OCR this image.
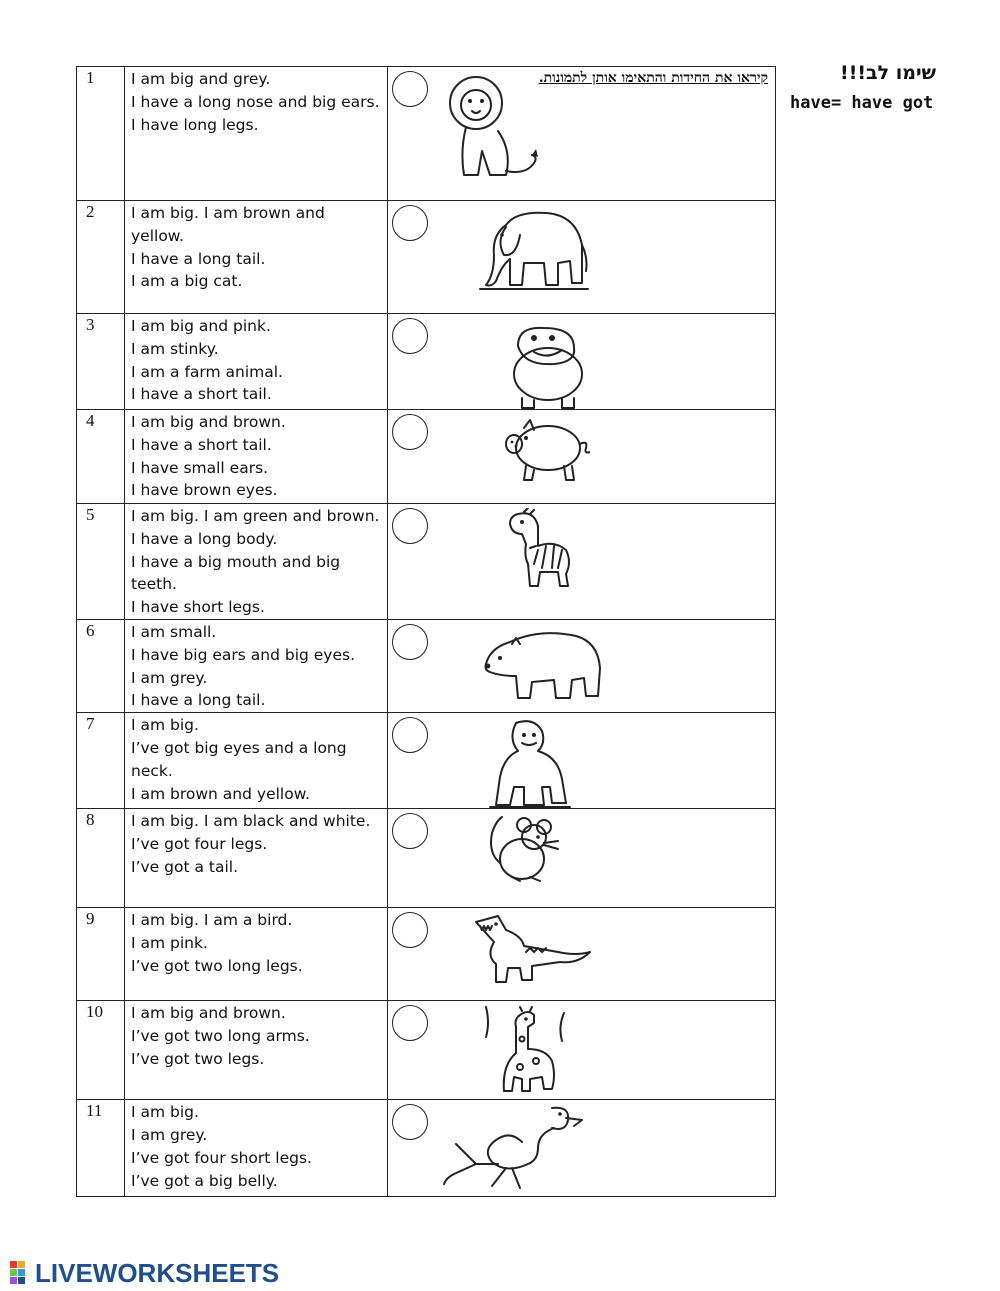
שימו לב!!!
have= have got
1	I am big and grey.
I have a long nose and big ears.
I have long legs.

2	I am big. I am brown and
yellow.
I have a long tail.
I am a big cat.

3	I am big and pink.
I am stinky.
I am a farm animal.
I have a short tail.

4	I am big and brown.
I have a short tail.
I have small ears.
I have brown eyes.

5	I am big. I am green and brown.
I have a long body.
I have a big mouth and big
teeth.
I have short legs.

6	I am small.
I have big ears and big eyes.
I am grey.
I have a long tail.

7	I am big.
I’ve got big eyes and a long
neck.
I am brown and yellow.

8	I am big. I am black and white.
I’ve got four legs.
I’ve got a tail.

9	I am big. I am a bird.
I am pink.
I’ve got two long legs.

10	I am big and brown.
I’ve got two long arms.
I’ve got two legs.

11	I am big.
I am grey.
I’ve got four short legs.
I’ve got a big belly.

קיראו את החידות והתאימו אותן לתמונות.
LIVEWORKSHEETS
